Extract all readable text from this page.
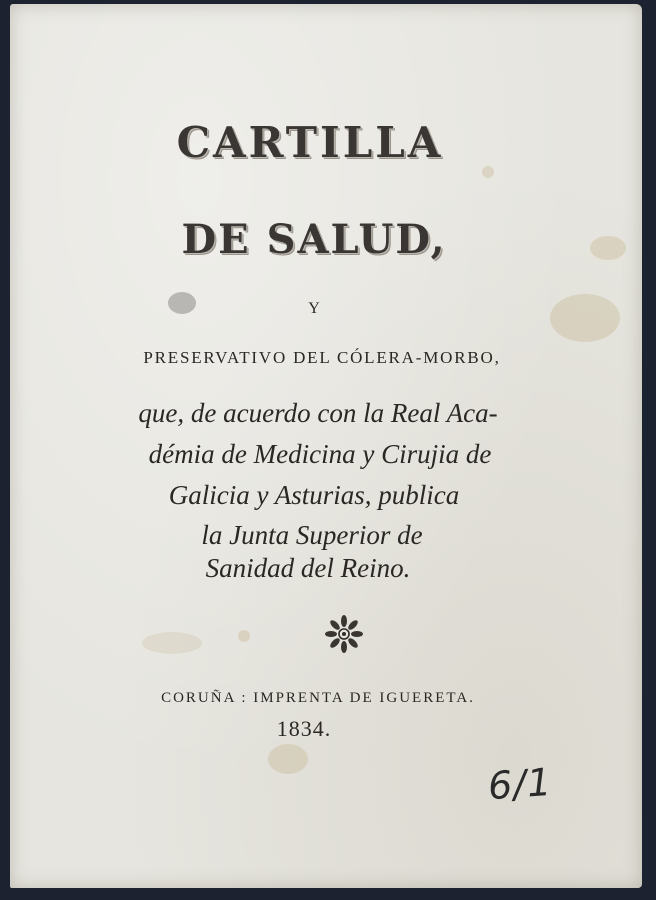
CARTILLA
DE SALUD,
Y
PRESERVATIVO DEL CÓLERA-MORBO,
que, de acuerdo con la Real Aca-
démia de Medicina y Cirujia de
Galicia y Asturias, publica
la Junta Superior de
Sanidad del Reino.
CORUÑA : IMPRENTA DE IGUERETA.
1834.
6/1
